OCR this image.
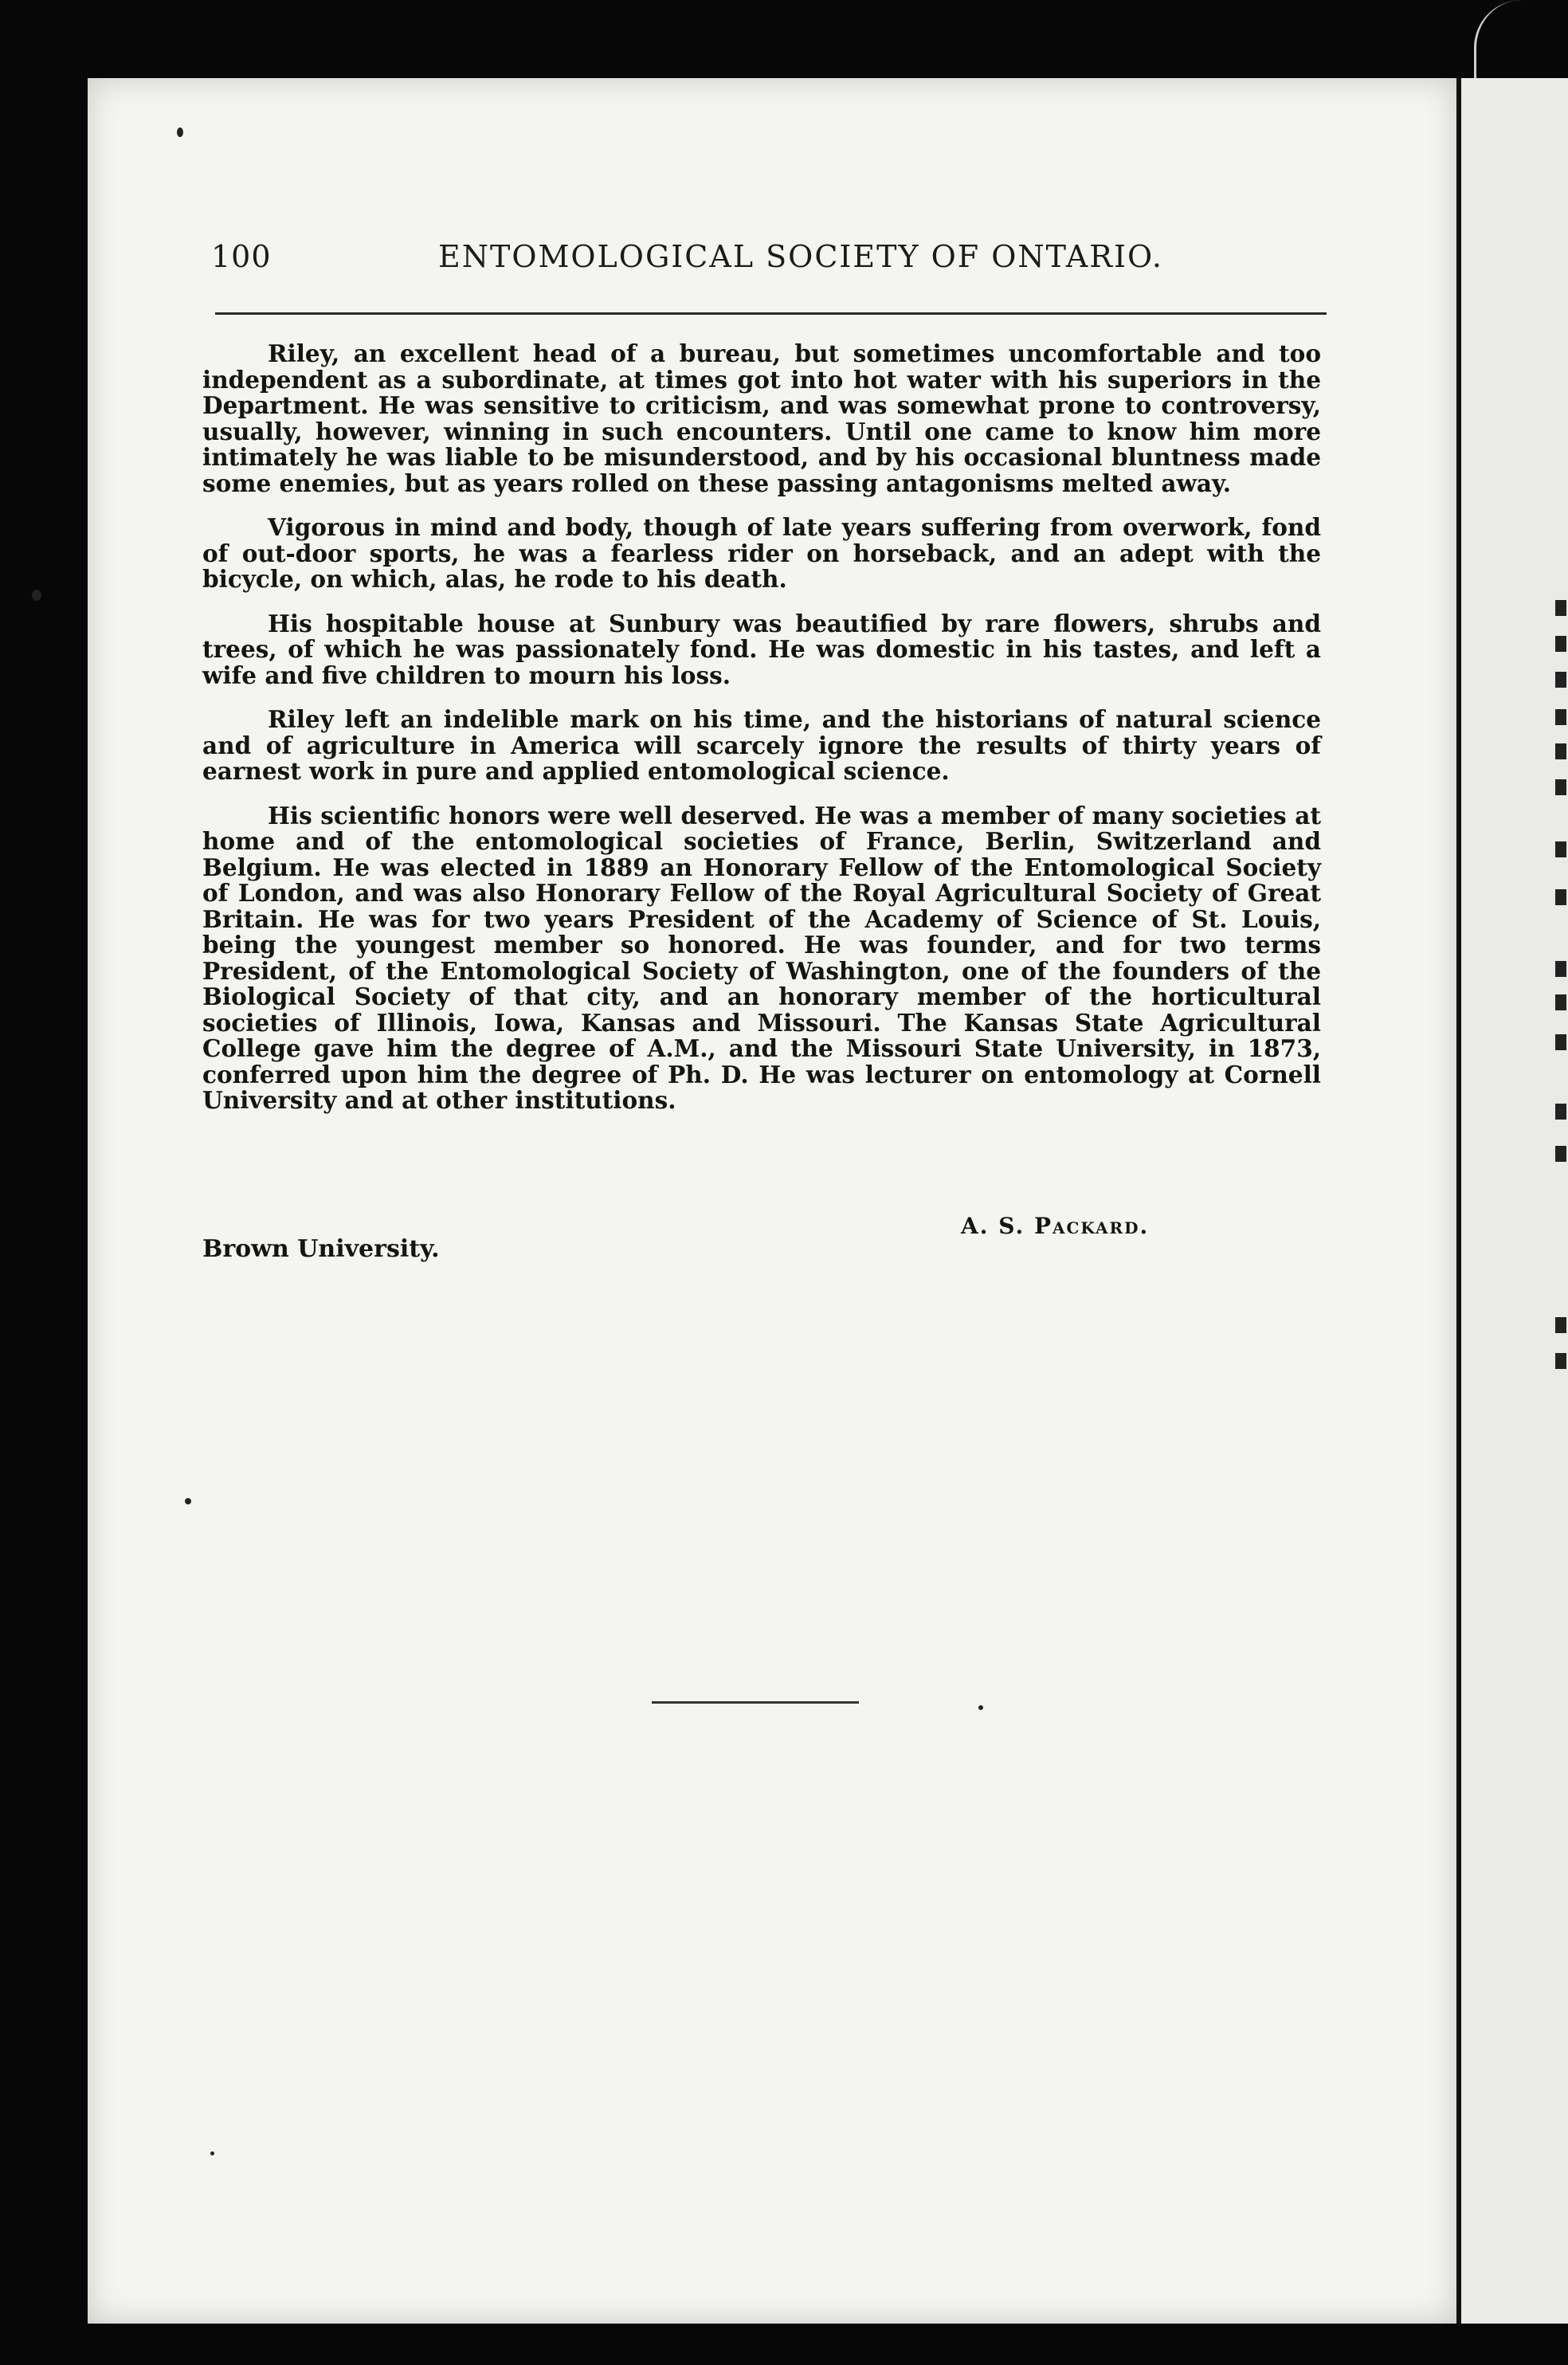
100	ENTOMOLOGICAL SOCIETY OF ONTARIO.

Riley, an excellent head of a bureau, but sometimes uncomfortable and too independent as a subordinate, at times got into hot water with his superiors in the Department. He was sensitive to criticism, and was somewhat prone to controversy, usually, however, winning in such encounters. Until one came to know him more intimately he was liable to be misunderstood, and by his occasional bluntness made some enemies, but as years rolled on these passing antagonisms melted away.

Vigorous in mind and body, though of late years suffering from overwork, fond of out-door sports, he was a fearless rider on horseback, and an adept with the bicycle, on which, alas, he rode to his death.

His hospitable house at Sunbury was beautified by rare flowers, shrubs and trees, of which he was passionately fond. He was domestic in his tastes, and left a wife and five children to mourn his loss.

Riley left an indelible mark on his time, and the historians of natural science and of agriculture in America will scarcely ignore the results of thirty years of earnest work in pure and applied entomological science.

His scientific honors were well deserved. He was a member of many societies at home and of the entomological societies of France, Berlin, Switzerland and Belgium. He was elected in 1889 an Honorary Fellow of the Entomological Society of London, and was also Honorary Fellow of the Royal Agricultural Society of Great Britain. He was for two years President of the Academy of Science of St. Louis, being the youngest member so honored. He was founder, and for two terms President, of the Entomological Society of Washington, one of the founders of the Biological Society of that city, and an honorary member of the horticultural societies of Illinois, Iowa, Kansas and Missouri. The Kansas State Agricultural College gave him the degree of A.M., and the Missouri State University, in 1873, conferred upon him the degree of Ph. D. He was lecturer on entomology at Cornell University and at other institutions.

A. S. Packard.
Brown University.
